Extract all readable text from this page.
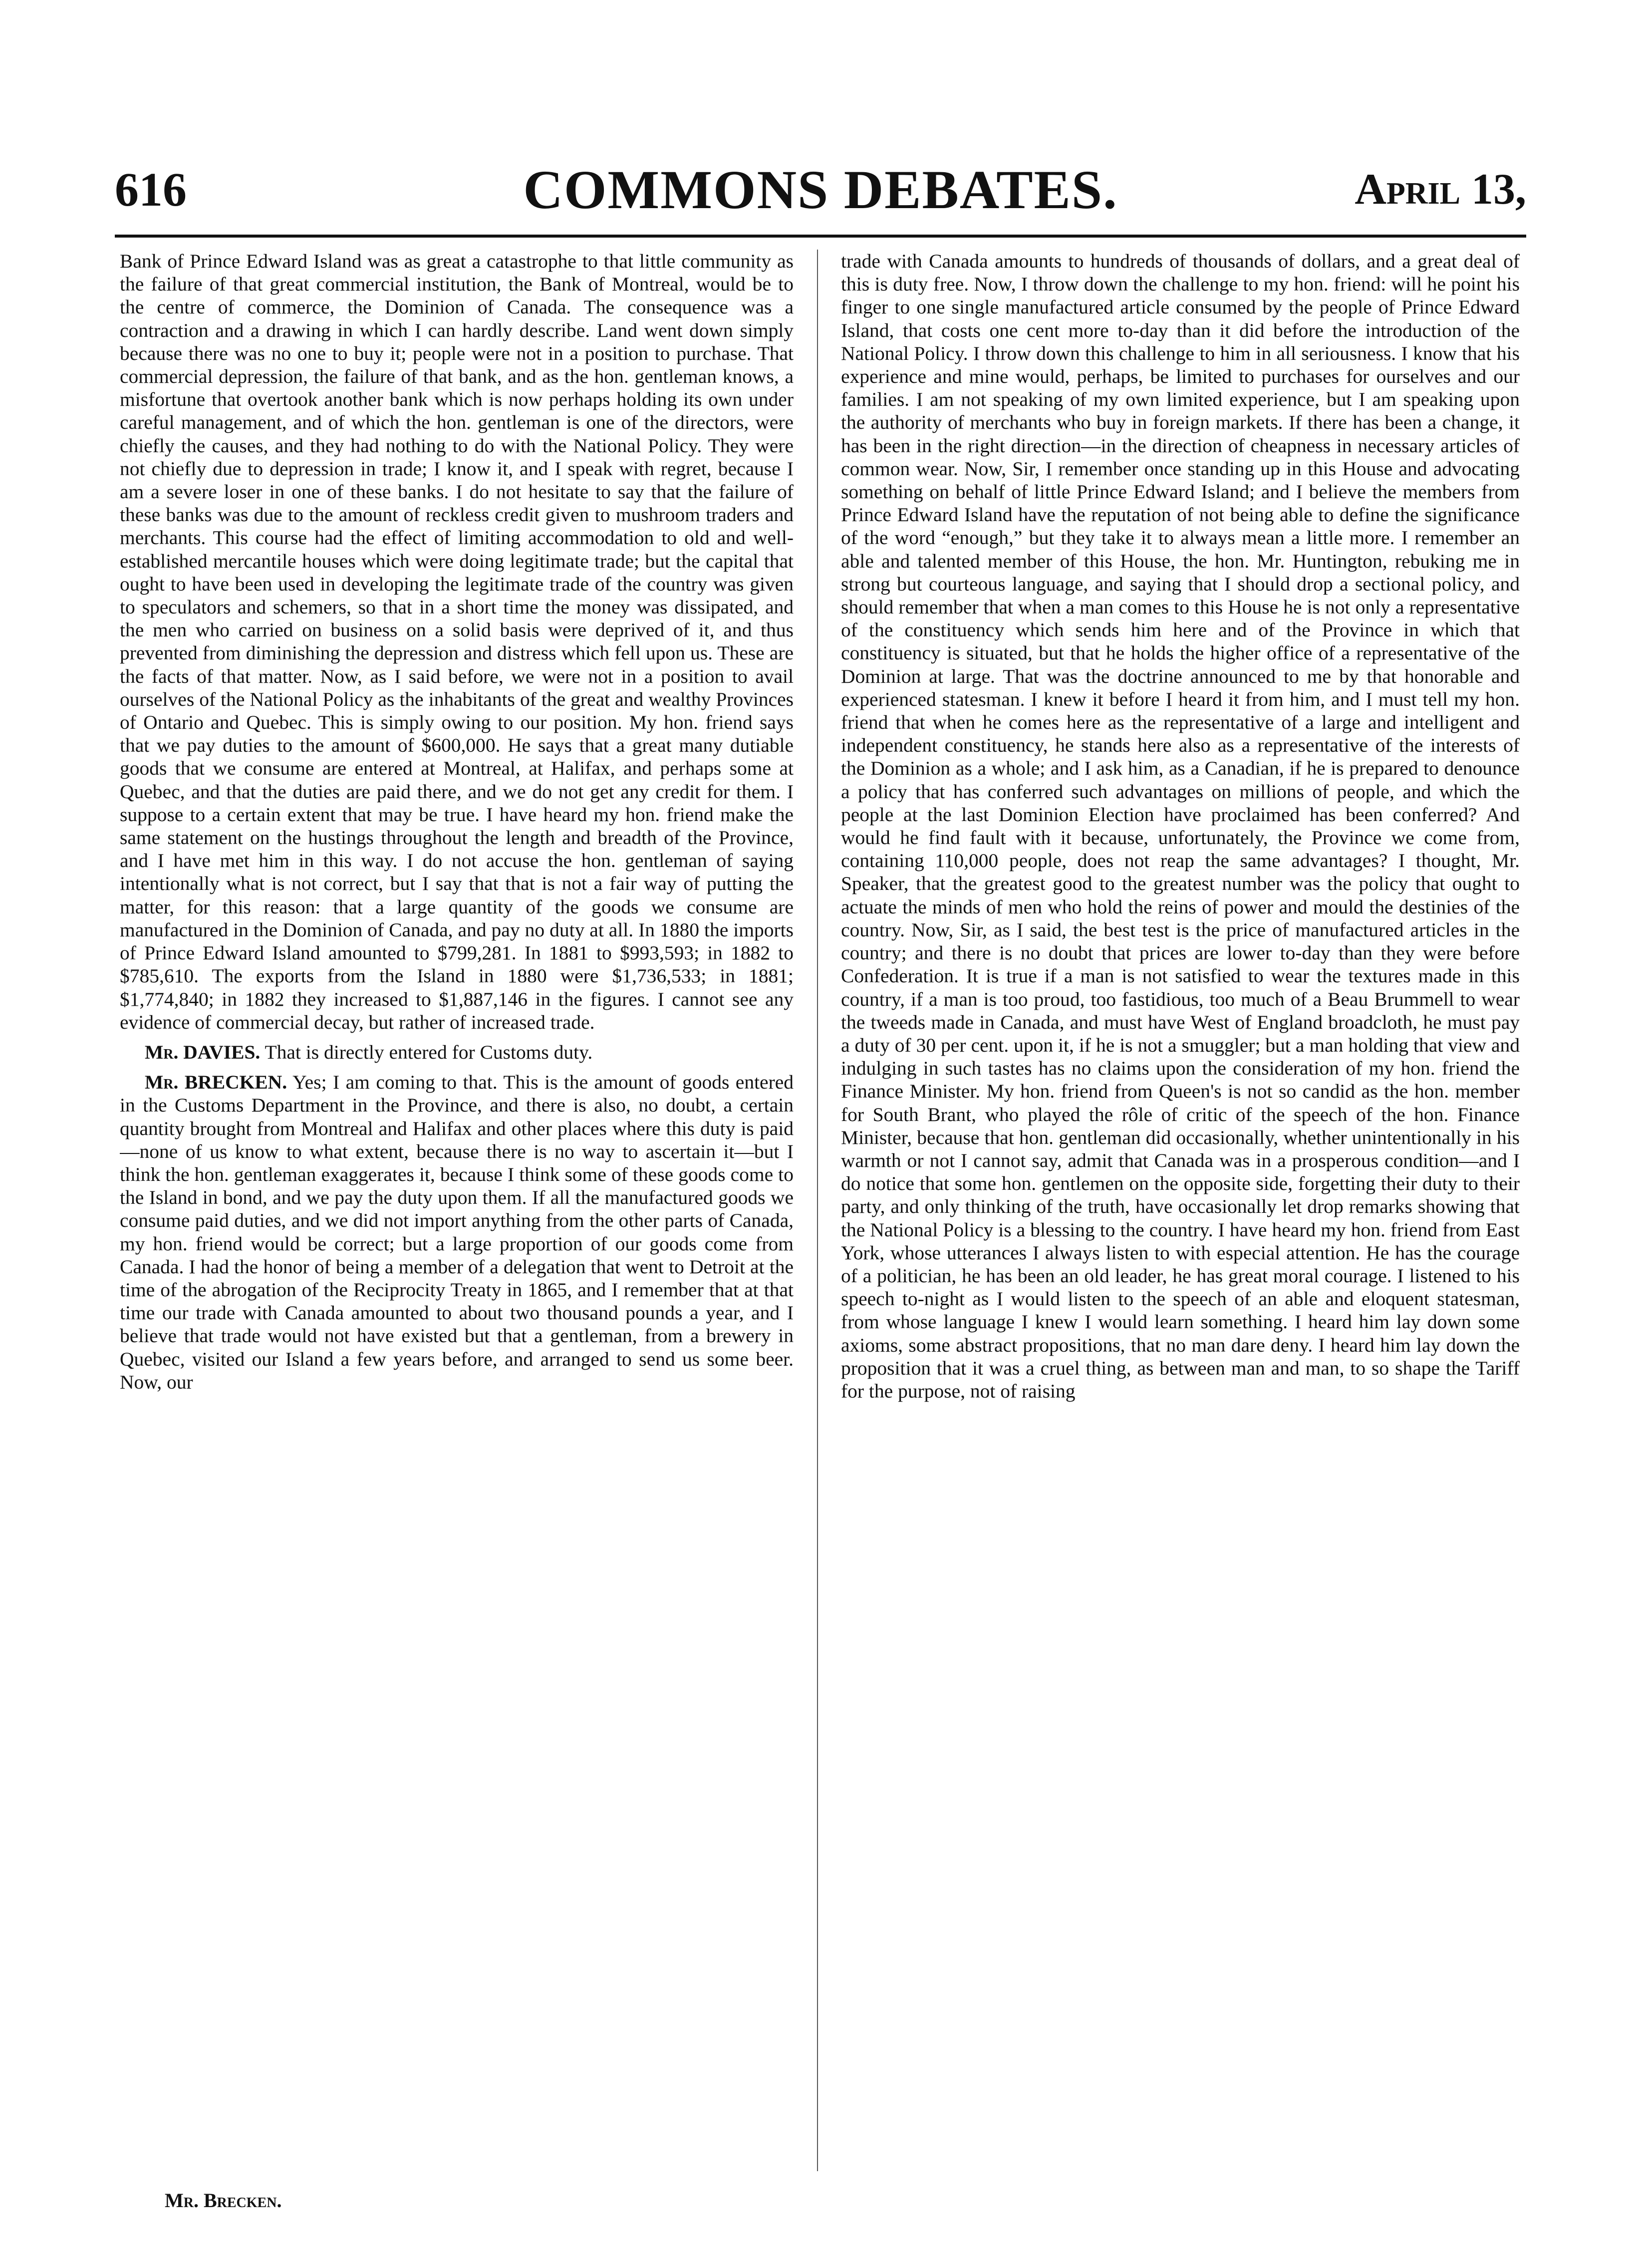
616	COMMONS DEBATES.	April 13,

Bank of Prince Edward Island was as great a catastrophe to that little community as the failure of that great commercial institution, the Bank of Montreal, would be to the centre of commerce, the Dominion of Canada. The consequence was a contraction and a drawing in which I can hardly describe. Land went down simply because there was no one to buy it; people were not in a position to purchase. That commercial depression, the failure of that bank, and as the hon. gentleman knows, a misfortune that overtook another bank which is now perhaps holding its own under careful management, and of which the hon. gentleman is one of the directors, were chiefly the causes, and they had nothing to do with the National Policy. They were not chiefly due to depression in trade; I know it, and I speak with regret, because I am a severe loser in one of these banks. I do not hesitate to say that the failure of these banks was due to the amount of reckless credit given to mushroom traders and merchants. This course had the effect of limiting accommodation to old and well-established mercantile houses which were doing legitimate trade; but the capital that ought to have been used in developing the legitimate trade of the country was given to speculators and schemers, so that in a short time the money was dissipated, and the men who carried on business on a solid basis were deprived of it, and thus prevented from diminishing the depression and distress which fell upon us. These are the facts of that matter. Now, as I said before, we were not in a position to avail ourselves of the National Policy as the inhabitants of the great and wealthy Provinces of Ontario and Quebec. This is simply owing to our position. My hon. friend says that we pay duties to the amount of $600,000. He says that a great many dutiable goods that we consume are entered at Montreal, at Halifax, and perhaps some at Quebec, and that the duties are paid there, and we do not get any credit for them. I suppose to a certain extent that may be true. I have heard my hon. friend make the same statement on the hustings throughout the length and breadth of the Province, and I have met him in this way. I do not accuse the hon. gentleman of saying intentionally what is not correct, but I say that that is not a fair way of putting the matter, for this reason: that a large quantity of the goods we consume are manufactured in the Dominion of Canada, and pay no duty at all. In 1880 the imports of Prince Edward Island amounted to $799,281. In 1881 to $993,593; in 1882 to $785,610. The exports from the Island in 1880 were $1,736,533; in 1881; $1,774,840; in 1882 they increased to $1,887,146 in the figures. I cannot see any evidence of commercial decay, but rather of increased trade.

Mr. DAVIES. That is directly entered for Customs duty.

Mr. BRECKEN. Yes; I am coming to that. This is the amount of goods entered in the Customs Department in the Province, and there is also, no doubt, a certain quantity brought from Montreal and Halifax and other places where this duty is paid—none of us know to what extent, because there is no way to ascertain it—but I think the hon. gentleman exaggerates it, because I think some of these goods come to the Island in bond, and we pay the duty upon them. If all the manufactured goods we consume paid duties, and we did not import anything from the other parts of Canada, my hon. friend would be correct; but a large proportion of our goods come from Canada. I had the honor of being a member of a delegation that went to Detroit at the time of the abrogation of the Reciprocity Treaty in 1865, and I remember that at that time our trade with Canada amounted to about two thousand pounds a year, and I believe that trade would not have existed but that a gentleman, from a brewery in Quebec, visited our Island a few years before, and arranged to send us some beer. Now, our

trade with Canada amounts to hundreds of thousands of dollars, and a great deal of this is duty free. Now, I throw down the challenge to my hon. friend: will he point his finger to one single manufactured article consumed by the people of Prince Edward Island, that costs one cent more to-day than it did before the introduction of the National Policy. I throw down this challenge to him in all seriousness. I know that his experience and mine would, perhaps, be limited to purchases for ourselves and our families. I am not speaking of my own limited experience, but I am speaking upon the authority of merchants who buy in foreign markets. If there has been a change, it has been in the right direction—in the direction of cheapness in necessary articles of common wear. Now, Sir, I remember once standing up in this House and advocating something on behalf of little Prince Edward Island; and I believe the members from Prince Edward Island have the reputation of not being able to define the significance of the word “enough,” but they take it to always mean a little more. I remember an able and talented member of this House, the hon. Mr. Huntington, rebuking me in strong but courteous language, and saying that I should drop a sectional policy, and should remember that when a man comes to this House he is not only a representative of the constituency which sends him here and of the Province in which that constituency is situated, but that he holds the higher office of a representative of the Dominion at large. That was the doctrine announced to me by that honorable and experienced statesman. I knew it before I heard it from him, and I must tell my hon. friend that when he comes here as the representative of a large and intelligent and independent constituency, he stands here also as a representative of the interests of the Dominion as a whole; and I ask him, as a Canadian, if he is prepared to denounce a policy that has conferred such advantages on millions of people, and which the people at the last Dominion Election have proclaimed has been conferred? And would he find fault with it because, unfortunately, the Province we come from, containing 110,000 people, does not reap the same advantages? I thought, Mr. Speaker, that the greatest good to the greatest number was the policy that ought to actuate the minds of men who hold the reins of power and mould the destinies of the country. Now, Sir, as I said, the best test is the price of manufactured articles in the country; and there is no doubt that prices are lower to-day than they were before Confederation. It is true if a man is not satisfied to wear the textures made in this country, if a man is too proud, too fastidious, too much of a Beau Brummell to wear the tweeds made in Canada, and must have West of England broadcloth, he must pay a duty of 30 per cent. upon it, if he is not a smuggler; but a man holding that view and indulging in such tastes has no claims upon the consideration of my hon. friend the Finance Minister. My hon. friend from Queen's is not so candid as the hon. member for South Brant, who played the rôle of critic of the speech of the hon. Finance Minister, because that hon. gentleman did occasionally, whether unintentionally in his warmth or not I cannot say, admit that Canada was in a prosperous condition—and I do notice that some hon. gentlemen on the opposite side, forgetting their duty to their party, and only thinking of the truth, have occasionally let drop remarks showing that the National Policy is a blessing to the country. I have heard my hon. friend from East York, whose utterances I always listen to with especial attention. He has the courage of a politician, he has been an old leader, he has great moral courage. I listened to his speech to-night as I would listen to the speech of an able and eloquent statesman, from whose language I knew I would learn something. I heard him lay down some axioms, some abstract propositions, that no man dare deny. I heard him lay down the proposition that it was a cruel thing, as between man and man, to so shape the Tariff for the purpose, not of raising

Mr. Brecken.
